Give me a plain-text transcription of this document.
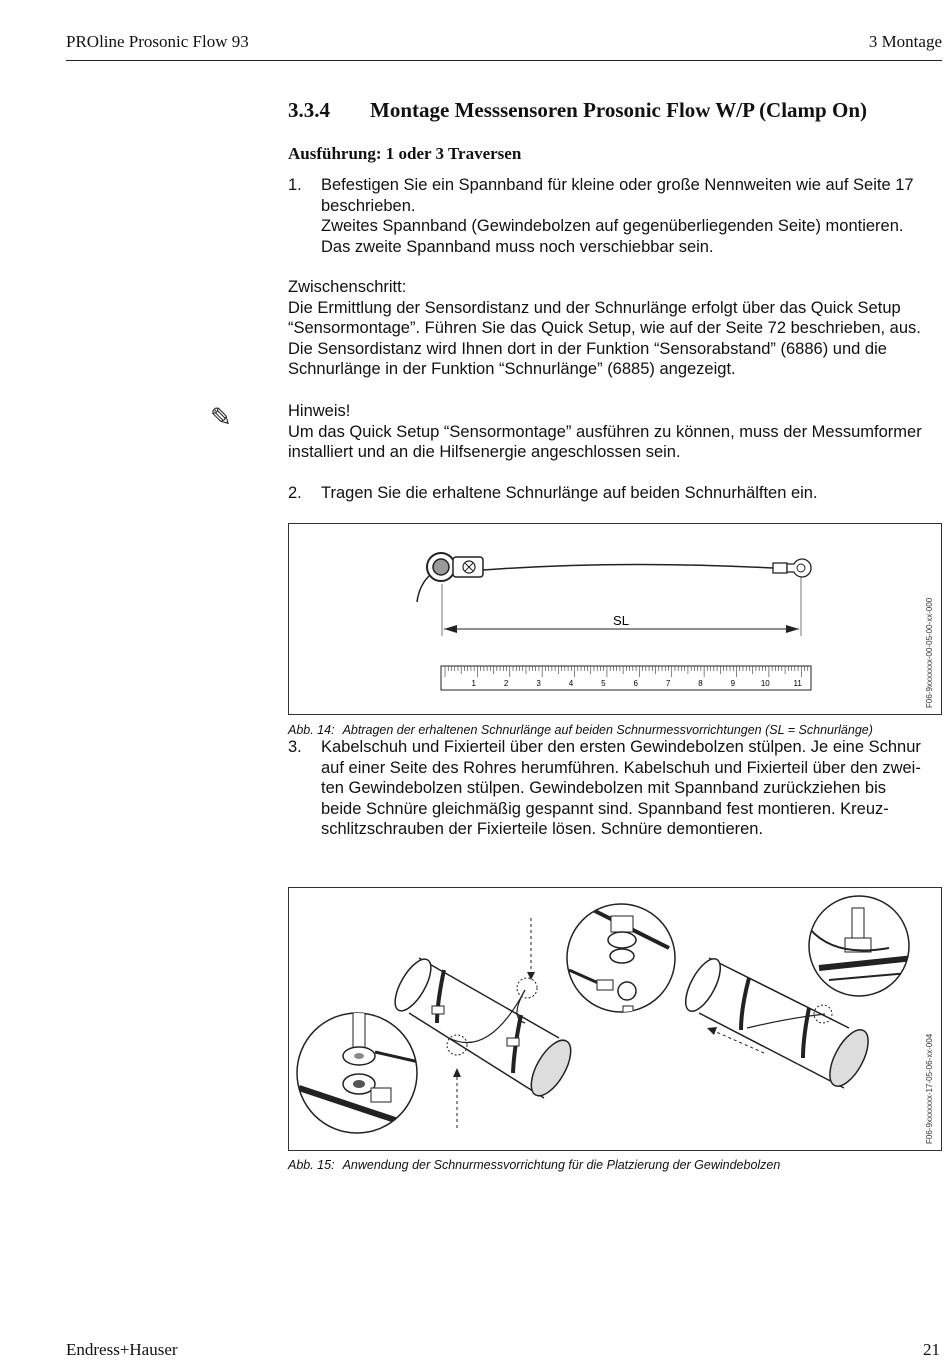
PROline Prosonic Flow 93	3 Montage
3.3.4 Montage Messsensoren Prosonic Flow W/P (Clamp On)
Ausführung: 1 oder 3 Traversen
1. Befestigen Sie ein Spannband für kleine oder große Nennweiten wie auf Seite 17
beschrieben.
Zweites Spannband (Gewindebolzen auf gegenüberliegenden Seite) montieren.
Das zweite Spannband muss noch verschiebbar sein.
Zwischenschritt:
Die Ermittlung der Sensordistanz und der Schnurlänge erfolgt über das Quick Setup
“Sensormontage”. Führen Sie das Quick Setup, wie auf der Seite 72 beschrieben, aus.
Die Sensordistanz wird Ihnen dort in der Funktion “Sensorabstand” (6886) und die
Schnurlänge in der Funktion “Schnurlänge” (6885) angezeigt.
✎	Hinweis!
Um das Quick Setup “Sensormontage” ausführen zu können, muss der Messumformer
installiert und an die Hilfsenergie angeschlossen sein.
2. Tragen Sie die erhaltene Schnurlänge auf beiden Schnurhälften ein.
SL
1	2	3	4	5	6	7	8	9	10	11	F06-9xxxxxxx-00-05-00-xx-000
Abb. 14: Abtragen der erhaltenen Schnurlänge auf beiden Schnurmessvorrichtungen (SL = Schnurlänge)
3. Kabelschuh und Fixierteil über den ersten Gewindebolzen stülpen. Je eine Schnur
auf einer Seite des Rohres herumführen. Kabelschuh und Fixierteil über den zwei-
ten Gewindebolzen stülpen. Gewindebolzen mit Spannband zurückziehen bis
beide Schnüre gleichmäßig gespannt sind. Spannband fest montieren. Kreuz-
schlitzschrauben der Fixierteile lösen. Schnüre demontieren.
F06-9xxxxxxx-17-05-06-xx-004
Abb. 15: Anwendung der Schnurmessvorrichtung für die Platzierung der Gewindebolzen
Endress+Hauser	21
